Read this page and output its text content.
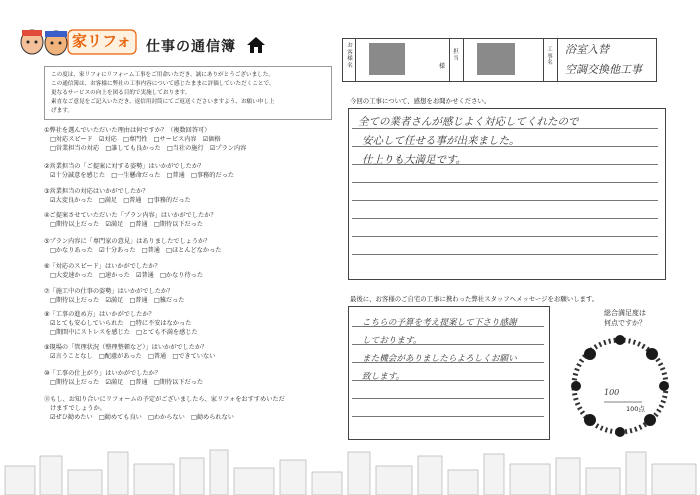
家リフォ 仕事の通信簿
この度は、家リフォにリフォーム工事をご用命いただき、誠にありがとうございました。
この通信簿は、お客様に弊社の工事内容について感じたままに評価していただくことで、
更なるサービスの向上を図る目的で実施しております。
素直なご意見をご記入いただき、返信用封筒にてご返送くださいますよう、お願い申し上
げます。
①弊社を選んでいただいた理由は何ですか？（複数回答可）
□対応スピード　☑対応　□専門性　□サービス内容　☑価格
□営業担当の対応　□誰しても良かった　□当社の施行　☑プラン内容
②営業担当の「ご提案に対する姿勢」はいかがでしたか？
☑十分誠意を感じた　□一生懸命だった　□普通　□事務的だった
③営業担当の対応はいかがでしたか？
☑大変良かった　□満足　□普通　□事務的だった
④ご提案させていただいた「プラン内容」はいかがでしたか？
□期待以上だった　☑満足　□普通　□期待以下だった
⑤プラン内容に「専門家の意見」はありましたでしょうか？
□かなりあった　☑十分あった　□普通　□ほとんどなかった
⑥「対応のスピード」はいかがでしたか？
□大変速かった　□速かった　☑普通　□かなり待った
⑦「施工中の仕事の姿勢」はいかがでしたか？
□期待以上だった　☑満足　□普通　□雑だった
⑧「工事の進め方」はいかがでしたか？
☑とても安心していられた　□特に不安はなかった
□期間中にストレスを感じた　□とても不満を感じた
⑨現場の「管理状況（整理整頓など）」はいかがでしたか？
☑言うことなし　□配慮があった　□普通　□できていない
⑩「工事の仕上がり」はいかがでしたか？
□期待以上だった　☑満足　□普通　□期待以下だった
⑪もし、お知り合いにリフォームの予定がございましたら、家リフォをおすすめいただ
けますでしょうか。
☑ぜひ勧めたい　□勧めても良い　□わからない　□勧められない
お客様名	様
担当
工事名
浴室入替
空調交換他工事
今回の工事について、感想をお聞かせください。
全ての業者さんが感じよく対応してくれたので
安心して任せる事が出来ました。
仕上りも大満足です。
最後に、お客様のご自宅の工事に携わった弊社スタッフへメッセージをお願いします。
こちらの予算を考え提案して下さり感謝
しております。
また機会がありましたらよろしくお願い
致します。
総合満足度は
何点ですか？
100
100点
